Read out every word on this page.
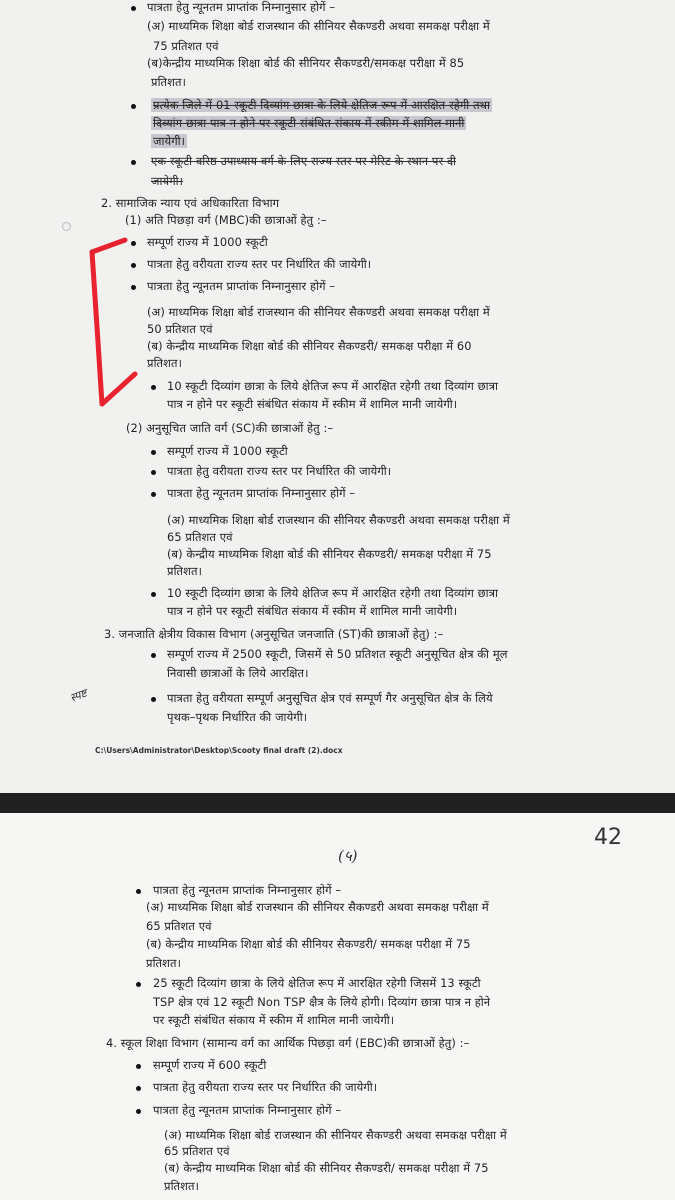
पात्रता हेतु न्यूनतम प्राप्तांक निम्नानुसार होगें –
(अ) माध्यमिक शिक्षा बोर्ड राजस्थान की सीनियर सैकण्डरी अथवा समकक्ष परीक्षा में
75 प्रतिशत एवं
(ब)केन्द्रीय माध्यमिक शिक्षा बोर्ड की सीनियर सैकण्डरी/समकक्ष परीक्षा में 85
प्रतिशत।
प्रत्येक जिले में 01 स्कूटी दिव्यांग छात्रा के लिये क्षेतिज रूप में आरक्षित रहेगी तथा
दिव्यांग छात्रा पात्र न होने पर स्कूटी संबंधित संकाय में स्कीम में शामिल मानी
जायेगी।
एक स्कूटी वरिष्ठ उपाध्याय वर्ग के लिए राज्य स्तर पर मेरिट के स्थान पर दी
जायेगी।
2. सामाजिक न्याय एवं अधिकारिता विभाग
(1) अति पिछड़ा वर्ग (MBC)की छात्राओं हेतु :–
सम्पूर्ण राज्य में 1000 स्कूटी
पात्रता हेतु वरीयता राज्य स्तर पर निर्धारित की जायेगी।
पात्रता हेतु न्यूनतम प्राप्तांक निम्नानुसार होगें –
(अ) माध्यमिक शिक्षा बोर्ड राजस्थान की सीनियर सैकण्डरी अथवा समकक्ष परीक्षा में
50 प्रतिशत एवं
(ब) केन्द्रीय माध्यमिक शिक्षा बोर्ड की सीनियर सैकण्डरी/ समकक्ष परीक्षा में 60
प्रतिशत।
10 स्कूटी दिव्यांग छात्रा के लिये क्षेतिज रूप में आरक्षित रहेगी तथा दिव्यांग छात्रा
पात्र न होने पर स्कूटी संबंधित संकाय में स्कीम में शामिल मानी जायेगी।
(2) अनुसूचित जाति वर्ग (SC)की छात्राओं हेतु :–
सम्पूर्ण राज्य में 1000 स्कूटी
पात्रता हेतु वरीयता राज्य स्तर पर निर्धारित की जायेगी।
पात्रता हेतु न्यूनतम प्राप्तांक निम्नानुसार होगें –
(अ) माध्यमिक शिक्षा बोर्ड राजस्थान की सीनियर सैकण्डरी अथवा समकक्ष परीक्षा में
65 प्रतिशत एवं
(ब) केन्द्रीय माध्यमिक शिक्षा बोर्ड की सीनियर सैकण्डरी/ समकक्ष परीक्षा में 75
प्रतिशत।
10 स्कूटी दिव्यांग छात्रा के लिये क्षेतिज रूप में आरक्षित रहेगी तथा दिव्यांग छात्रा
पात्र न होने पर स्कूटी संबंधित संकाय में स्कीम में शामिल मानी जायेगी।
3. जनजाति क्षेत्रीय विकास विभाग (अनुसूचित जनजाति (ST)की छात्राओं हेतु) :–
सम्पूर्ण राज्य में 2500 स्कूटी, जिसमें से 50 प्रतिशत स्कूटी अनुसूचित क्षेत्र की मूल
निवासी छात्राओं के लिये आरक्षित।
पात्रता हेतु वरीयता सम्पूर्ण अनुसूचित क्षेत्र एवं सम्पूर्ण गैर अनुसूचित क्षेत्र के लिये
पृथक–पृथक निर्धारित की जायेगी।
स्पष्ट
C:\Users\Administrator\Desktop\Scooty final draft (2).docx
42
(५)
पात्रता हेतु न्यूनतम प्राप्तांक निम्नानुसार होगें –
(अ) माध्यमिक शिक्षा बोर्ड राजस्थान की सीनियर सैकण्डरी अथवा समकक्ष परीक्षा में
65 प्रतिशत एवं
(ब) केन्द्रीय माध्यमिक शिक्षा बोर्ड की सीनियर सैकण्डरी/ समकक्ष परीक्षा में 75
प्रतिशत।
25 स्कूटी दिव्यांग छात्रा के लिये क्षेतिज रूप में आरक्षित रहेगी जिसमें 13 स्कूटी
TSP क्षेत्र एवं 12 स्कूटी Non TSP क्षैत्र के लिये होगी। दिव्यांग छात्रा पात्र न होने
पर स्कूटी संबंधित संकाय में स्कीम में शामिल मानी जायेगी।
4. स्कूल शिक्षा विभाग (सामान्य वर्ग का आर्थिक पिछड़ा वर्ग (EBC)की छात्राओं हेतु) :–
सम्पूर्ण राज्य में 600 स्कूटी
पात्रता हेतु वरीयता राज्य स्तर पर निर्धारित की जायेगी।
पात्रता हेतु न्यूनतम प्राप्तांक निम्नानुसार होगें –
(अ) माध्यमिक शिक्षा बोर्ड राजस्थान की सीनियर सैकण्डरी अथवा समकक्ष परीक्षा में
65 प्रतिशत एवं
(ब) केन्द्रीय माध्यमिक शिक्षा बोर्ड की सीनियर सैकण्डरी/ समकक्ष परीक्षा में 75
प्रतिशत।
